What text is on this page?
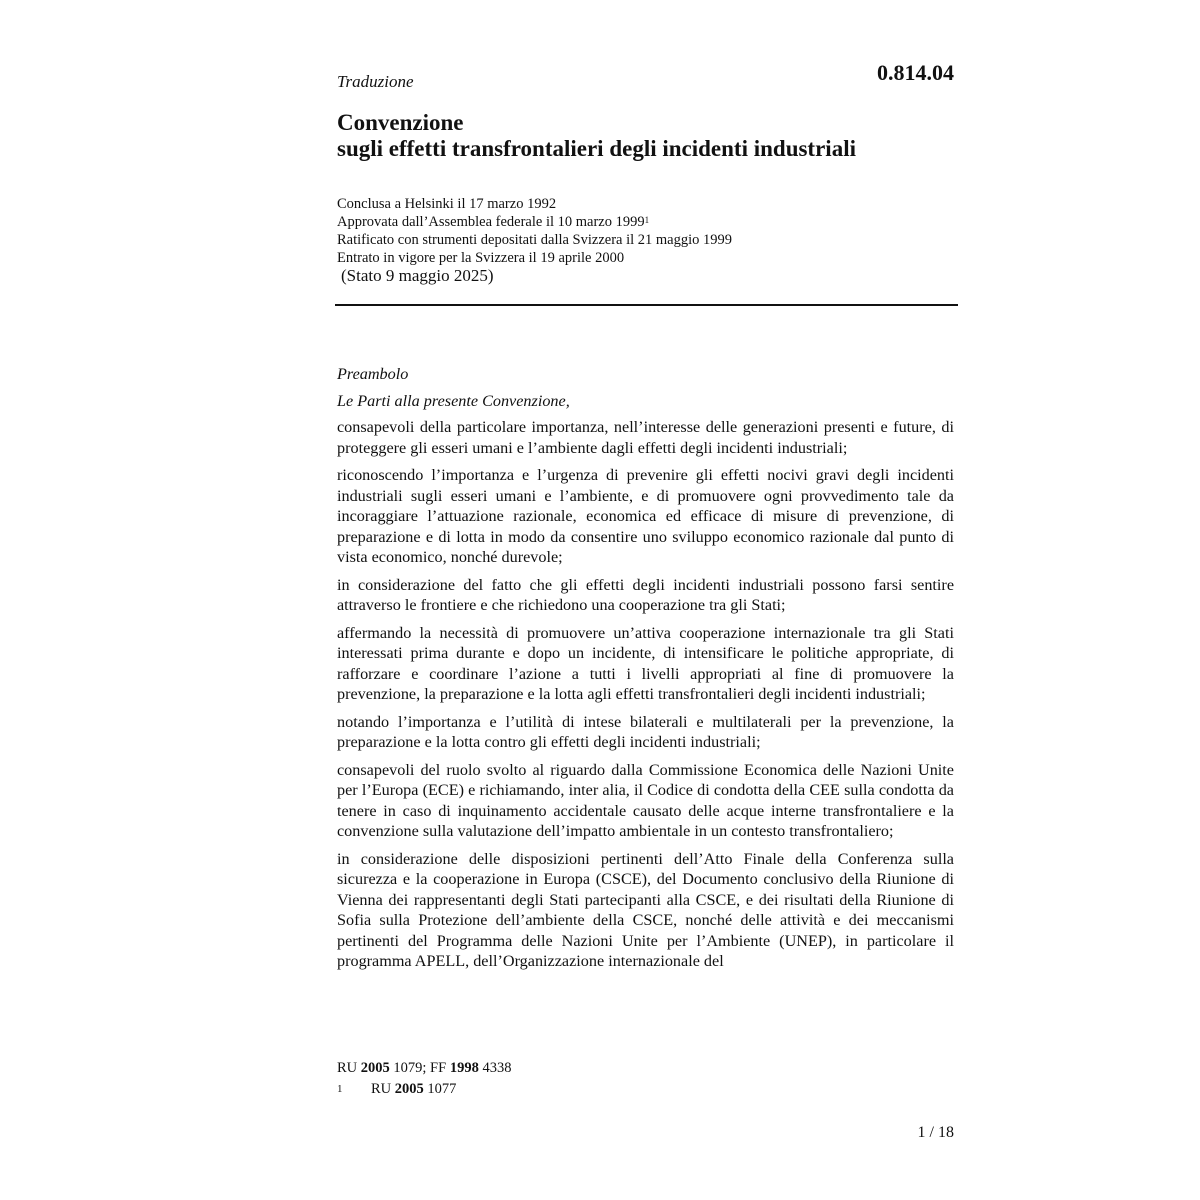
Traduzione	0.814.04
Convenzione
sugli effetti transfrontalieri degli incidenti industriali
Conclusa a Helsinki il 17 marzo 1992
Approvata dall’Assemblea federale il 10 marzo 1999$^1$
Ratificato con strumenti depositati dalla Svizzera il 21 maggio 1999
Entrato in vigore per la Svizzera il 19 aprile 2000
(Stato 9 maggio 2025)

Preambolo

Le Parti alla presente Convenzione,

consapevoli della particolare importanza, nell’interesse delle generazioni presenti e future, di proteggere gli esseri umani e l’ambiente dagli effetti degli incidenti industriali;

riconoscendo l’importanza e l’urgenza di prevenire gli effetti nocivi gravi degli incidenti industriali sugli esseri umani e l’ambiente, e di promuovere ogni provvedimento tale da incoraggiare l’attuazione razionale, economica ed efficace di misure di prevenzione, di preparazione e di lotta in modo da consentire uno sviluppo economico razionale dal punto di vista economico, nonché durevole;

in considerazione del fatto che gli effetti degli incidenti industriali possono farsi sentire attraverso le frontiere e che richiedono una cooperazione tra gli Stati;

affermando la necessità di promuovere un’attiva cooperazione internazionale tra gli Stati interessati prima durante e dopo un incidente, di intensificare le politiche appropriate, di rafforzare e coordinare l’azione a tutti i livelli appropriati al fine di promuovere la prevenzione, la preparazione e la lotta agli effetti transfrontalieri degli incidenti industriali;

notando l’importanza e l’utilità di intese bilaterali e multilaterali per la prevenzione, la preparazione e la lotta contro gli effetti degli incidenti industriali;

consapevoli del ruolo svolto al riguardo dalla Commissione Economica delle Nazioni Unite per l’Europa (ECE) e richiamando, inter alia, il Codice di condotta della CEE sulla condotta da tenere in caso di inquinamento accidentale causato delle acque interne transfrontaliere e la convenzione sulla valutazione dell’impatto ambientale in un contesto transfrontaliero;

in considerazione delle disposizioni pertinenti dell’Atto Finale della Conferenza sulla sicurezza e la cooperazione in Europa (CSCE), del Documento conclusivo della Riunione di Vienna dei rappresentanti degli Stati partecipanti alla CSCE, e dei risultati della Riunione di Sofia sulla Protezione dell’ambiente della CSCE, nonché delle attività e dei meccanismi pertinenti del Programma delle Nazioni Unite per l’Ambiente (UNEP), in particolare il programma APELL, dell’Organizzazione internazionale del

RU 2005 1079; FF 1998 4338
1 RU 2005 1077
1 / 18
